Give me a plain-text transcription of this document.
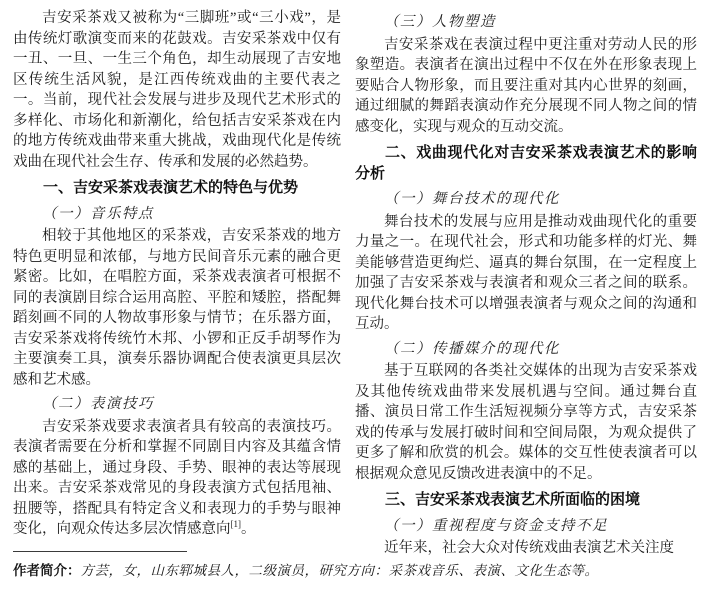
吉安采茶戏又被称为“三脚班”或“三小戏”，是由传统灯歌演变而来的花鼓戏。吉安采茶戏中仅有一丑、一旦、一生三个角色，却生动展现了吉安地区传统生活风貌，是江西传统戏曲的主要代表之一。当前，现代社会发展与进步及现代艺术形式的多样化、市场化和新潮化，给包括吉安采茶戏在内的地方传统戏曲带来重大挑战，戏曲现代化是传统戏曲在现代社会生存、传承和发展的必然趋势。

一、吉安采茶戏表演艺术的特色与优势
（一）音乐特点

相较于其他地区的采茶戏，吉安采茶戏的地方特色更明显和浓郁，与地方民间音乐元素的融合更紧密。比如，在唱腔方面，采茶戏表演者可根据不同的表演剧目综合运用高腔、平腔和矮腔，搭配舞蹈刻画不同的人物故事形象与情节；在乐器方面，吉安采茶戏将传统竹木邦、小锣和正反手胡琴作为主要演奏工具，演奏乐器协调配合使表演更具层次感和艺术感。

（二）表演技巧

吉安采茶戏要求表演者具有较高的表演技巧。表演者需要在分析和掌握不同剧目内容及其蕴含情感的基础上，通过身段、手势、眼神的表达等展现出来。吉安采茶戏常见的身段表演方式包括甩袖、扭腰等，搭配具有特定含义和表现力的手势与眼神变化，向观众传达多层次情感意向[1]。

（三）人物塑造

吉安采茶戏在表演过程中更注重对劳动人民的形象塑造。表演者在演出过程中不仅在外在形象表现上要贴合人物形象，而且要注重对其内心世界的刻画，通过细腻的舞蹈表演动作充分展现不同人物之间的情感变化，实现与观众的互动交流。

二、戏曲现代化对吉安采茶戏表演艺术的影响分析
（一）舞台技术的现代化

舞台技术的发展与应用是推动戏曲现代化的重要力量之一。在现代社会，形式和功能多样的灯光、舞美能够营造更绚烂、逼真的舞台氛围，在一定程度上加强了吉安采茶戏与表演者和观众三者之间的联系。现代化舞台技术可以增强表演者与观众之间的沟通和互动。

（二）传播媒介的现代化

基于互联网的各类社交媒体的出现为吉安采茶戏及其他传统戏曲带来发展机遇与空间。通过舞台直播、演员日常工作生活短视频分享等方式，吉安采茶戏的传承与发展打破时间和空间局限，为观众提供了更多了解和欣赏的机会。媒体的交互性使表演者可以根据观众意见反馈改进表演中的不足。

三、吉安采茶戏表演艺术所面临的困境
（一）重视程度与资金支持不足

近年来，社会大众对传统戏曲表演艺术关注度

作者简介：方芸，女，山东郓城县人，二级演员，研究方向：采茶戏音乐、表演、文化生态等。
